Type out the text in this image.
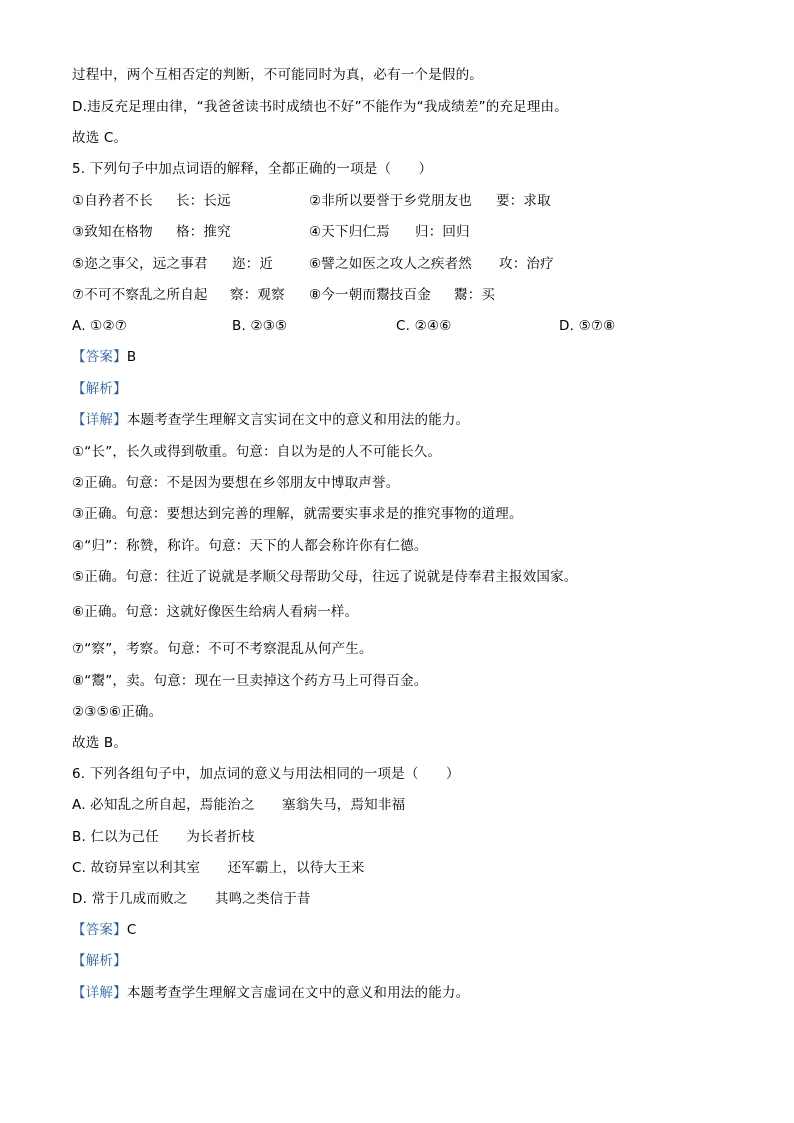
过程中，两个互相否定的判断，不可能同时为真，必有一个是假的。
D.违反充足理由律，“我爸爸读书时成绩也不好”不能作为“我成绩差”的充足理由。
故选 C。
5. 下列句子中加点词语的解释，全都正确的一项是（　　）
①自矜者不长 长：长远	②非所以要誉于乡党朋友也 要：求取
③致知在格物 格：推究	④天下归仁焉 归：回归
⑤迩之事父，远之事君 迩：近	⑥譬之如医之攻人之疾者然 攻：治疗
⑦不可不察乱之所自起 察：观察 ⑧今一朝而鬻技百金 鬻：买
A. ①②⑦	B. ②③⑤	C. ②④⑥	D. ⑤⑦⑧
【答案】B
【解析】
【详解】本题考查学生理解文言实词在文中的意义和用法的能力。
①“长”，长久或得到敬重。句意：自以为是的人不可能长久。
②正确。句意：不是因为要想在乡邻朋友中博取声誉。
③正确。句意：要想达到完善的理解，就需要实事求是的推究事物的道理。
④“归”：称赞，称许。句意：天下的人都会称许你有仁德。
⑤正确。句意：往近了说就是孝顺父母帮助父母，往远了说就是侍奉君主报效国家。
⑥正确。句意：这就好像医生给病人看病一样。
⑦“察”，考察。句意：不可不考察混乱从何产生。
⑧“鬻”，卖。句意：现在一旦卖掉这个药方马上可得百金。
②③⑤⑥正确。
故选 B。
6. 下列各组句子中，加点词的意义与用法相同的一项是（　　）
A. 必知乱之所自起，焉能治之　　塞翁失马，焉知非福
B. 仁以为己任　　为长者折枝
C. 故窃异室以利其室　　还军霸上，以待大王来
D. 常于几成而败之　　其鸣之类信于昔
【答案】C
【解析】
【详解】本题考查学生理解文言虚词在文中的意义和用法的能力。
